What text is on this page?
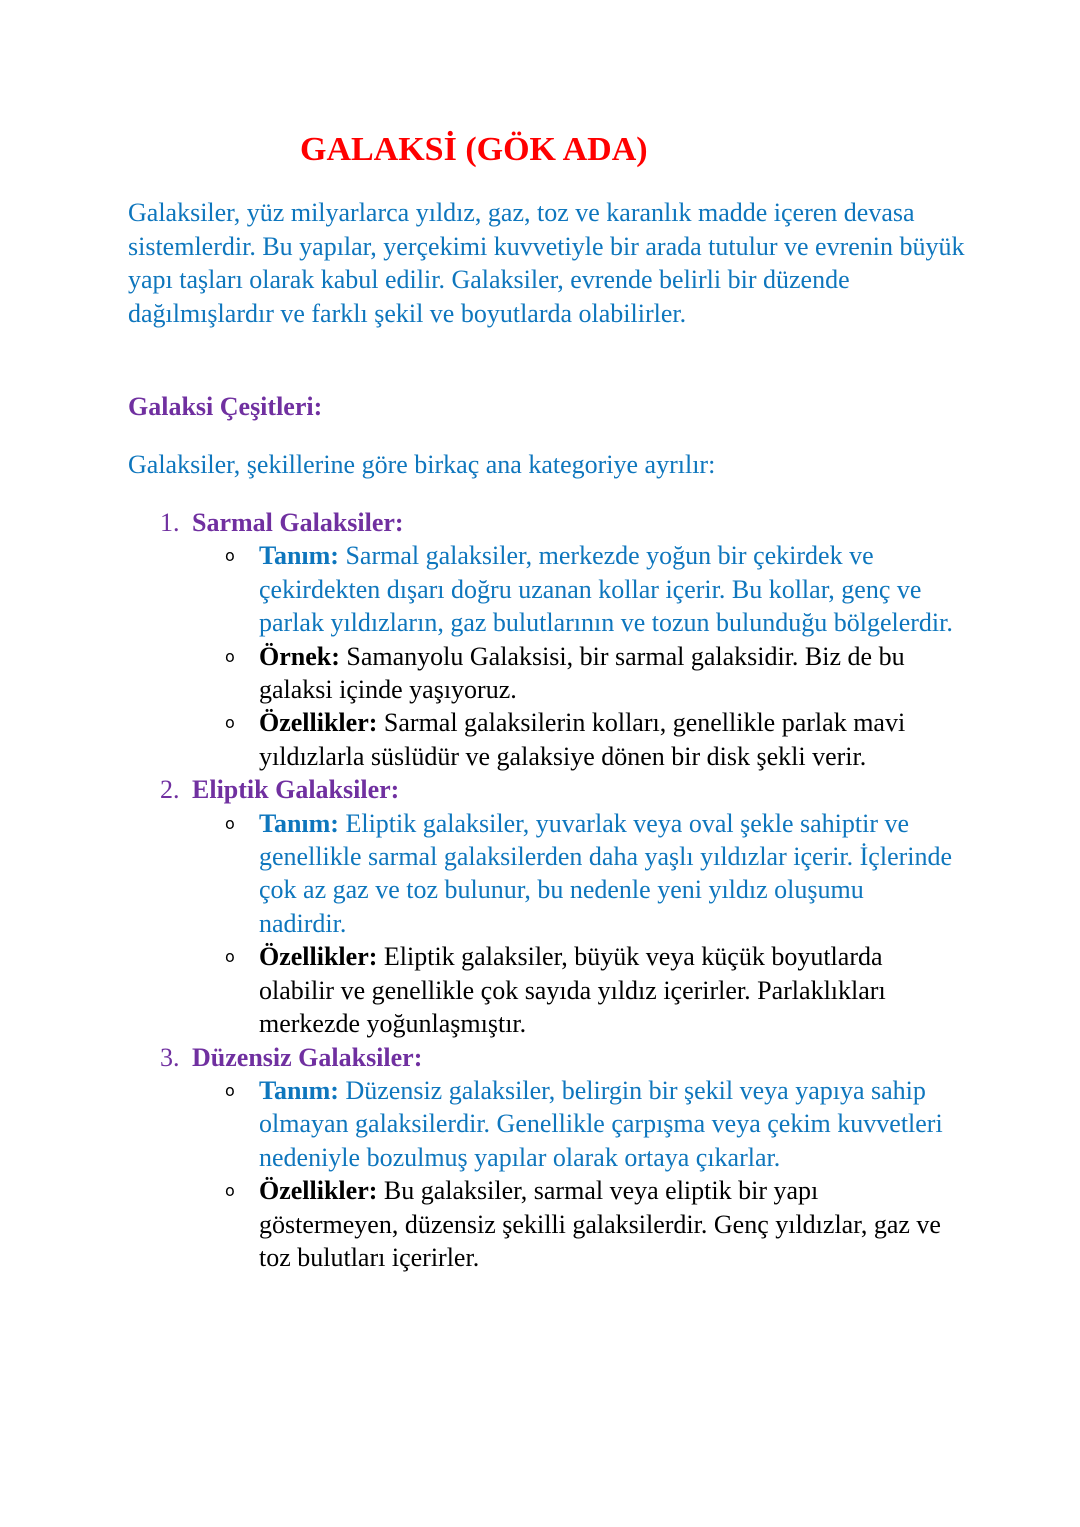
GALAKSİ (GÖK ADA)

Galaksiler, yüz milyarlarca yıldız, gaz, toz ve karanlık madde içeren devasa sistemlerdir. Bu yapılar, yerçekimi kuvvetiyle bir arada tutulur ve evrenin büyük yapı taşları olarak kabul edilir. Galaksiler, evrende belirli bir düzende dağılmışlardır ve farklı şekil ve boyutlarda olabilirler.

Galaksi Çeşitleri:
Galaksiler, şekillerine göre birkaç ana kategoriye ayrılır:
1. Sarmal Galaksiler:
o Tanım: Sarmal galaksiler, merkezde yoğun bir çekirdek ve çekirdekten dışarı doğru uzanan kollar içerir. Bu kollar, genç ve parlak yıldızların, gaz bulutlarının ve tozun bulunduğu bölgelerdir.
o Örnek: Samanyolu Galaksisi, bir sarmal galaksidir. Biz de bu galaksi içinde yaşıyoruz.
o Özellikler: Sarmal galaksilerin kolları, genellikle parlak mavi yıldızlarla süslüdür ve galaksiye dönen bir disk şekli verir.
2. Eliptik Galaksiler:
o Tanım: Eliptik galaksiler, yuvarlak veya oval şekle sahiptir ve genellikle sarmal galaksilerden daha yaşlı yıldızlar içerir. İçlerinde çok az gaz ve toz bulunur, bu nedenle yeni yıldız oluşumu nadirdir.
o Özellikler: Eliptik galaksiler, büyük veya küçük boyutlarda olabilir ve genellikle çok sayıda yıldız içerirler. Parlaklıkları merkezde yoğunlaşmıştır.
3. Düzensiz Galaksiler:
o Tanım: Düzensiz galaksiler, belirgin bir şekil veya yapıya sahip olmayan galaksilerdir. Genellikle çarpışma veya çekim kuvvetleri nedeniyle bozulmuş yapılar olarak ortaya çıkarlar.
o Özellikler: Bu galaksiler, sarmal veya eliptik bir yapı göstermeyen, düzensiz şekilli galaksilerdir. Genç yıldızlar, gaz ve toz bulutları içerirler.
